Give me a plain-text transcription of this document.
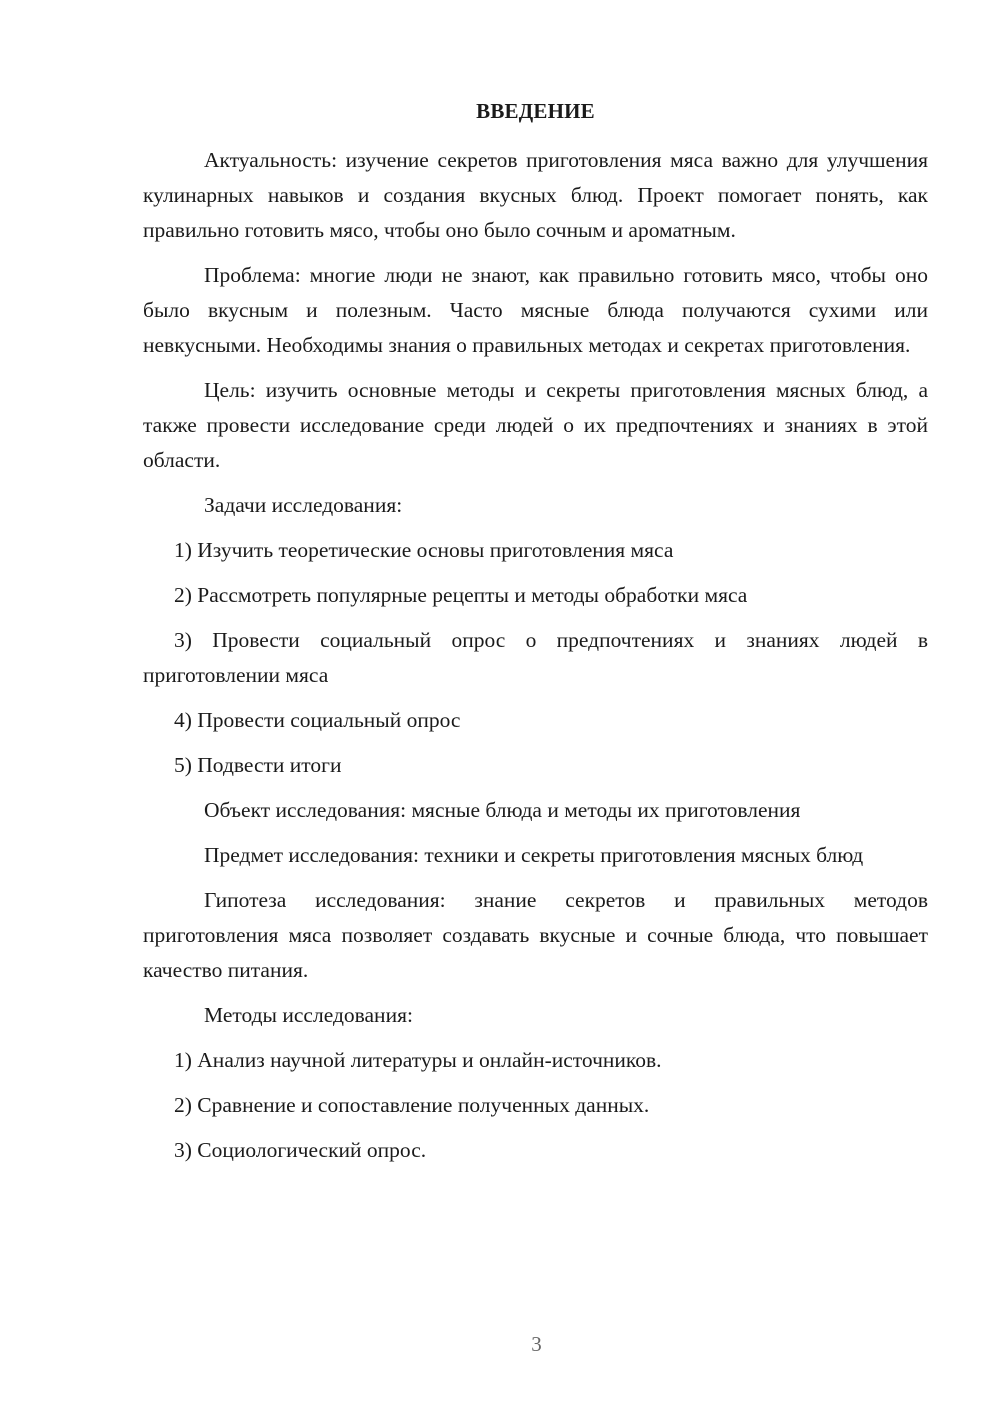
ВВЕДЕНИЕ

Актуальность: изучение секретов приготовления мяса важно для улучшения кулинарных навыков и создания вкусных блюд. Проект помогает понять, как правильно готовить мясо, чтобы оно было сочным и ароматным.

Проблема: многие люди не знают, как правильно готовить мясо, чтобы оно было вкусным и полезным. Часто мясные блюда получаются сухими или невкусными. Необходимы знания о правильных методах и секретах приготовления.

Цель: изучить основные методы и секреты приготовления мясных блюд, а также провести исследование среди людей о их предпочтениях и знаниях в этой области.

Задачи исследования:

1) Изучить теоретические основы приготовления мяса

2) Рассмотреть популярные рецепты и методы обработки мяса

3) Провести социальный опрос о предпочтениях и знаниях людей в приготовлении мяса

4) Провести социальный опрос

5) Подвести итоги

Объект исследования: мясные блюда и методы их приготовления

Предмет исследования: техники и секреты приготовления мясных блюд

Гипотеза исследования: знание секретов и правильных методов приготовления мяса позволяет создавать вкусные и сочные блюда, что повышает качество питания.

Методы исследования:

1) Анализ научной литературы и онлайн-источников.

2) Сравнение и сопоставление полученных данных.

3) Социологический опрос.

3
